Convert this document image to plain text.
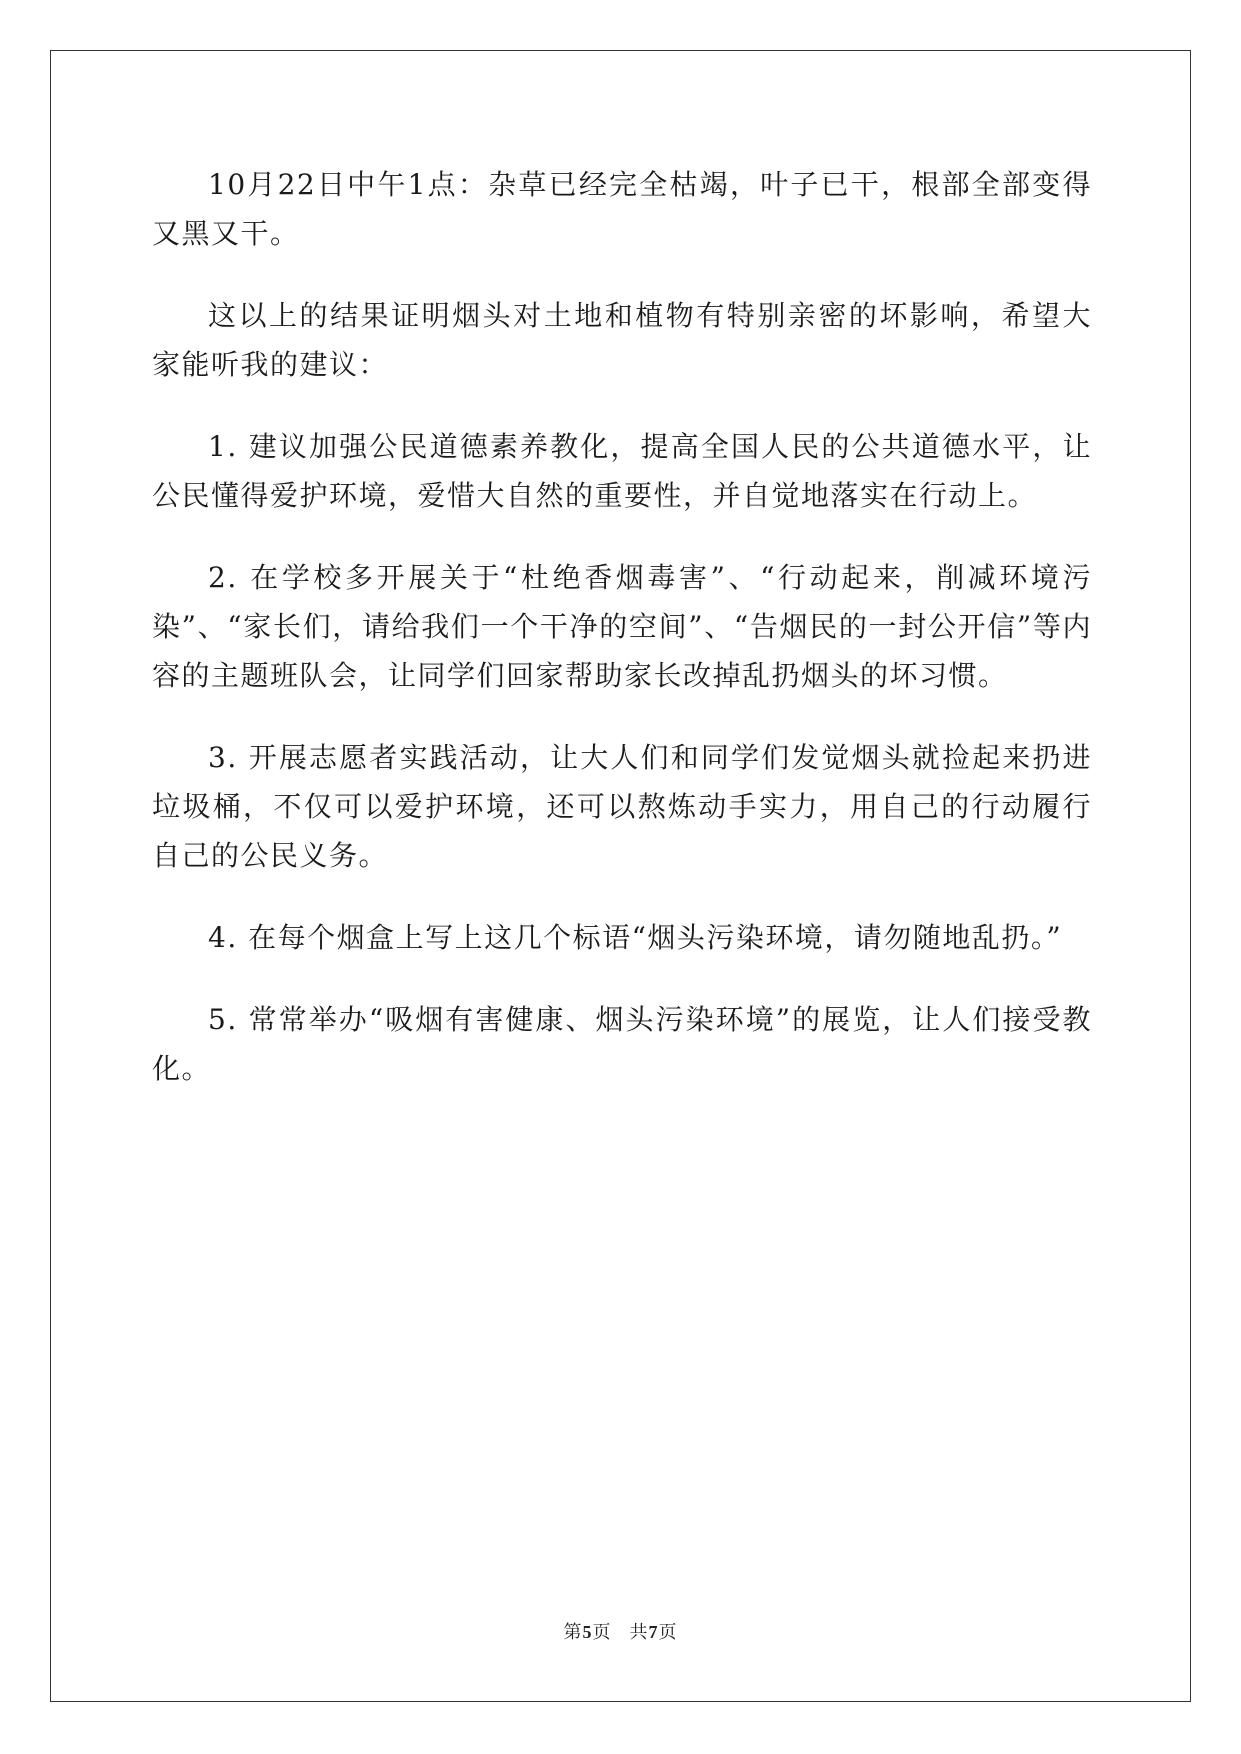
10月22日中午1点：杂草已经完全枯竭，叶子已干，根部全部变得又黑又干。

这以上的结果证明烟头对土地和植物有特别亲密的坏影响，希望大家能听我的建议：

1. 建议加强公民道德素养教化，提高全国人民的公共道德水平，让公民懂得爱护环境，爱惜大自然的重要性，并自觉地落实在行动上。

2. 在学校多开展关于“杜绝香烟毒害”、“行动起来，削减环境污染”、“家长们，请给我们一个干净的空间”、“告烟民的一封公开信”等内容的主题班队会，让同学们回家帮助家长改掉乱扔烟头的坏习惯。

3. 开展志愿者实践活动，让大人们和同学们发觉烟头就捡起来扔进垃圾桶，不仅可以爱护环境，还可以熬炼动手实力，用自己的行动履行自己的公民义务。

4. 在每个烟盒上写上这几个标语“烟头污染环境，请勿随地乱扔。”

5. 常常举办“吸烟有害健康、烟头污染环境”的展览，让人们接受教化。

第5页 共7页
